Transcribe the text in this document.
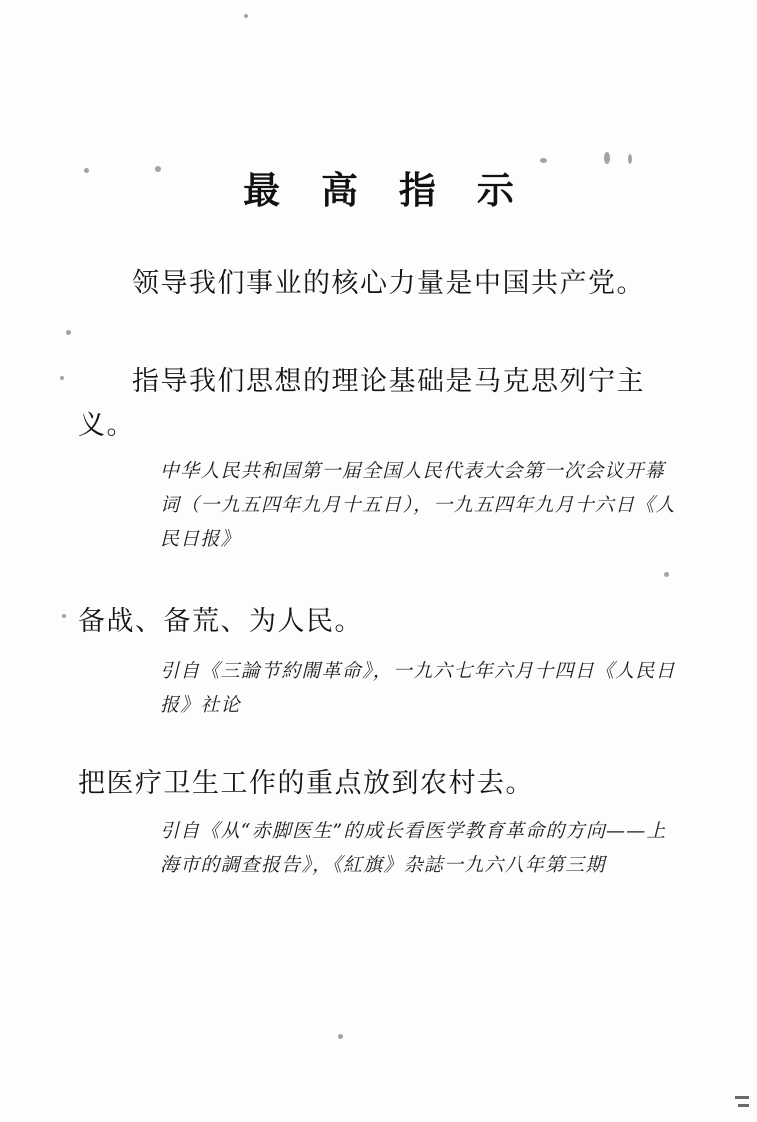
最 高 指 示
领导我们事业的核心力量是中国共产党。
指导我们思想的理论基础是马克思列宁主义。
中华人民共和国第一届全国人民代表大会第一次会议开幕词（一九五四年九月十五日），一九五四年九月十六日《人民日报》
备战、备荒、为人民。
引自《三論节約閙革命》，一九六七年六月十四日《人民日报》社论
把医疗卫生工作的重点放到农村去。
引自《从“赤脚医生”的成长看医学教育革命的方向——上海市的調查报告》，《紅旗》杂誌一九六八年第三期
